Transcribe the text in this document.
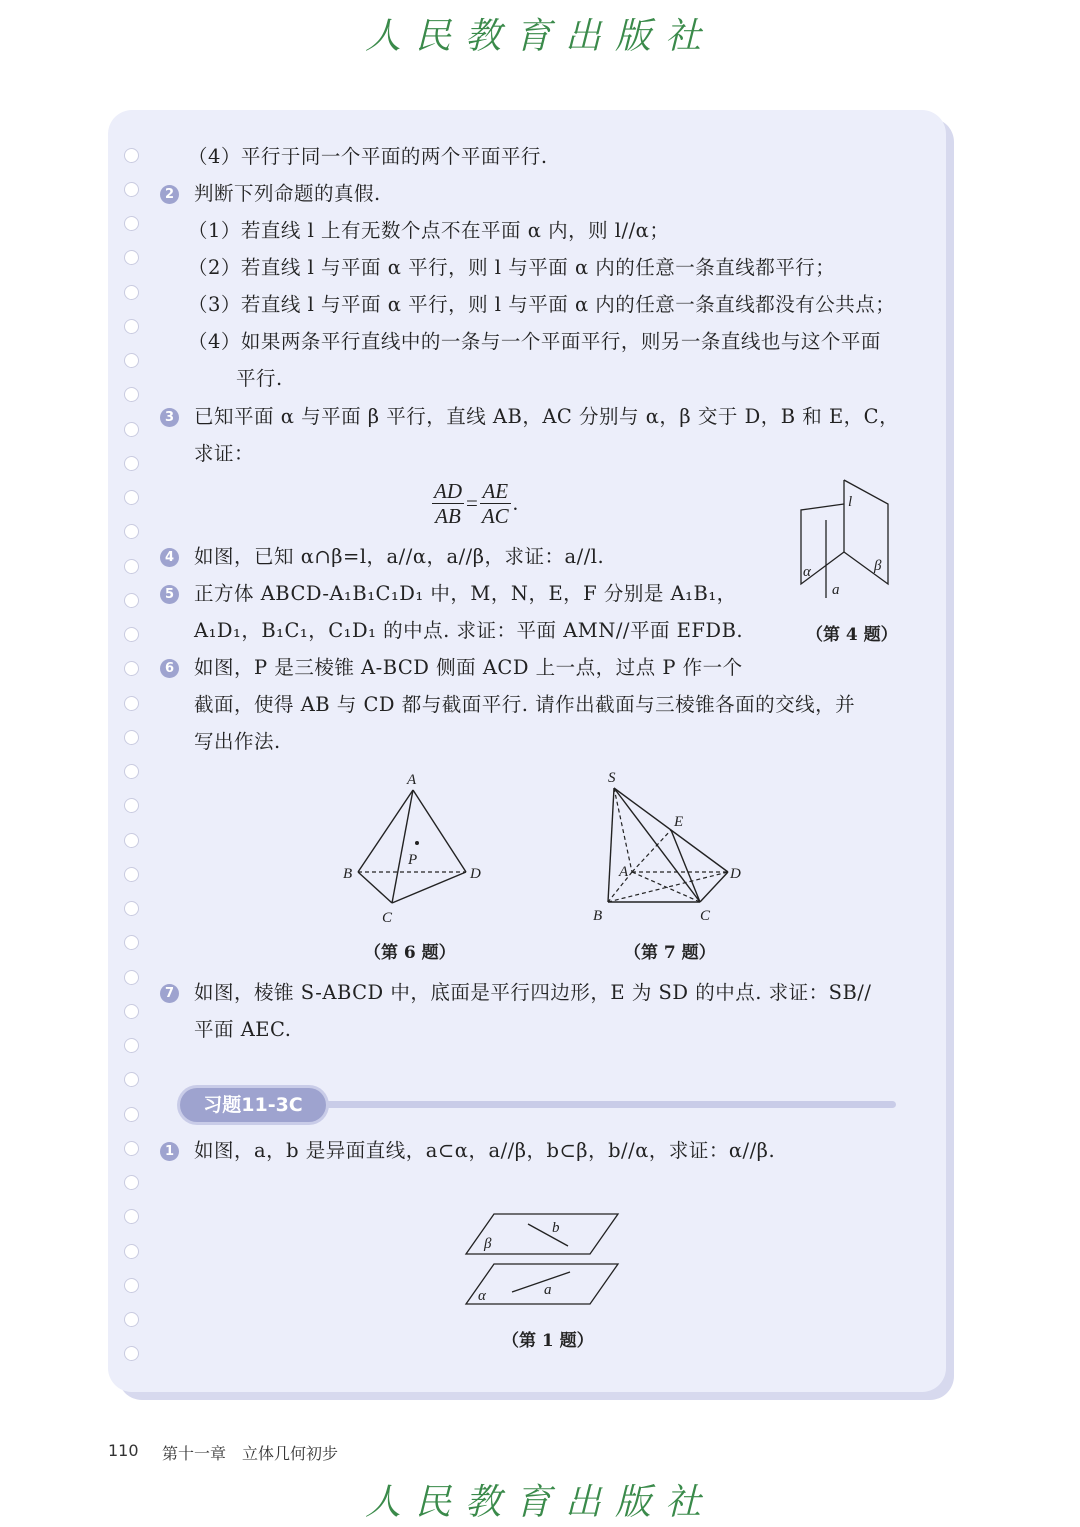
人民教育出版社
（4）平行于同一个平面的两个平面平行.
2 判断下列命题的真假.
（1）若直线 l 上有无数个点不在平面 α 内，则 l//α；
（2）若直线 l 与平面 α 平行，则 l 与平面 α 内的任意一条直线都平行；
（3）若直线 l 与平面 α 平行，则 l 与平面 α 内的任意一条直线都没有公共点；
（4）如果两条平行直线中的一条与一个平面平行，则另一条直线也与这个平面
平行.
3 已知平面 α 与平面 β 平行，直线 AB，AC 分别与 α，β 交于 D，B 和 E，C，
求证：
$\frac{AD}{AB} = \frac{AE}{AC}$ .
4 如图，已知 α∩β=l，a//α，a//β，求证：a//l.
5 正方体 ABCD-A₁B₁C₁D₁ 中，M，N，E，F 分别是 A₁B₁，
A₁D₁，B₁C₁，C₁D₁ 的中点. 求证：平面 AMN//平面 EFDB.
6 如图，P 是三棱锥 A-BCD 侧面 ACD 上一点，过点 P 作一个
截面，使得 AB 与 CD 都与截面平行. 请作出截面与三棱锥各面的交线，并
写出作法.
l
α	β
a
（第 4 题）
A
B
C
D
P
（第 6 题）
S
E
A	D
B	C
（第 7 题）
7 如图，棱锥 S-ABCD 中，底面是平行四边形，E 为 SD 的中点. 求证：SB//
平面 AEC.
习题11-3C
1 如图，a，b 是异面直线，a⊂α，a//β，b⊂β，b//α，求证：α//β.
b
β
a
α
（第 1 题）
110 第十一章　立体几何初步
人民教育出版社
